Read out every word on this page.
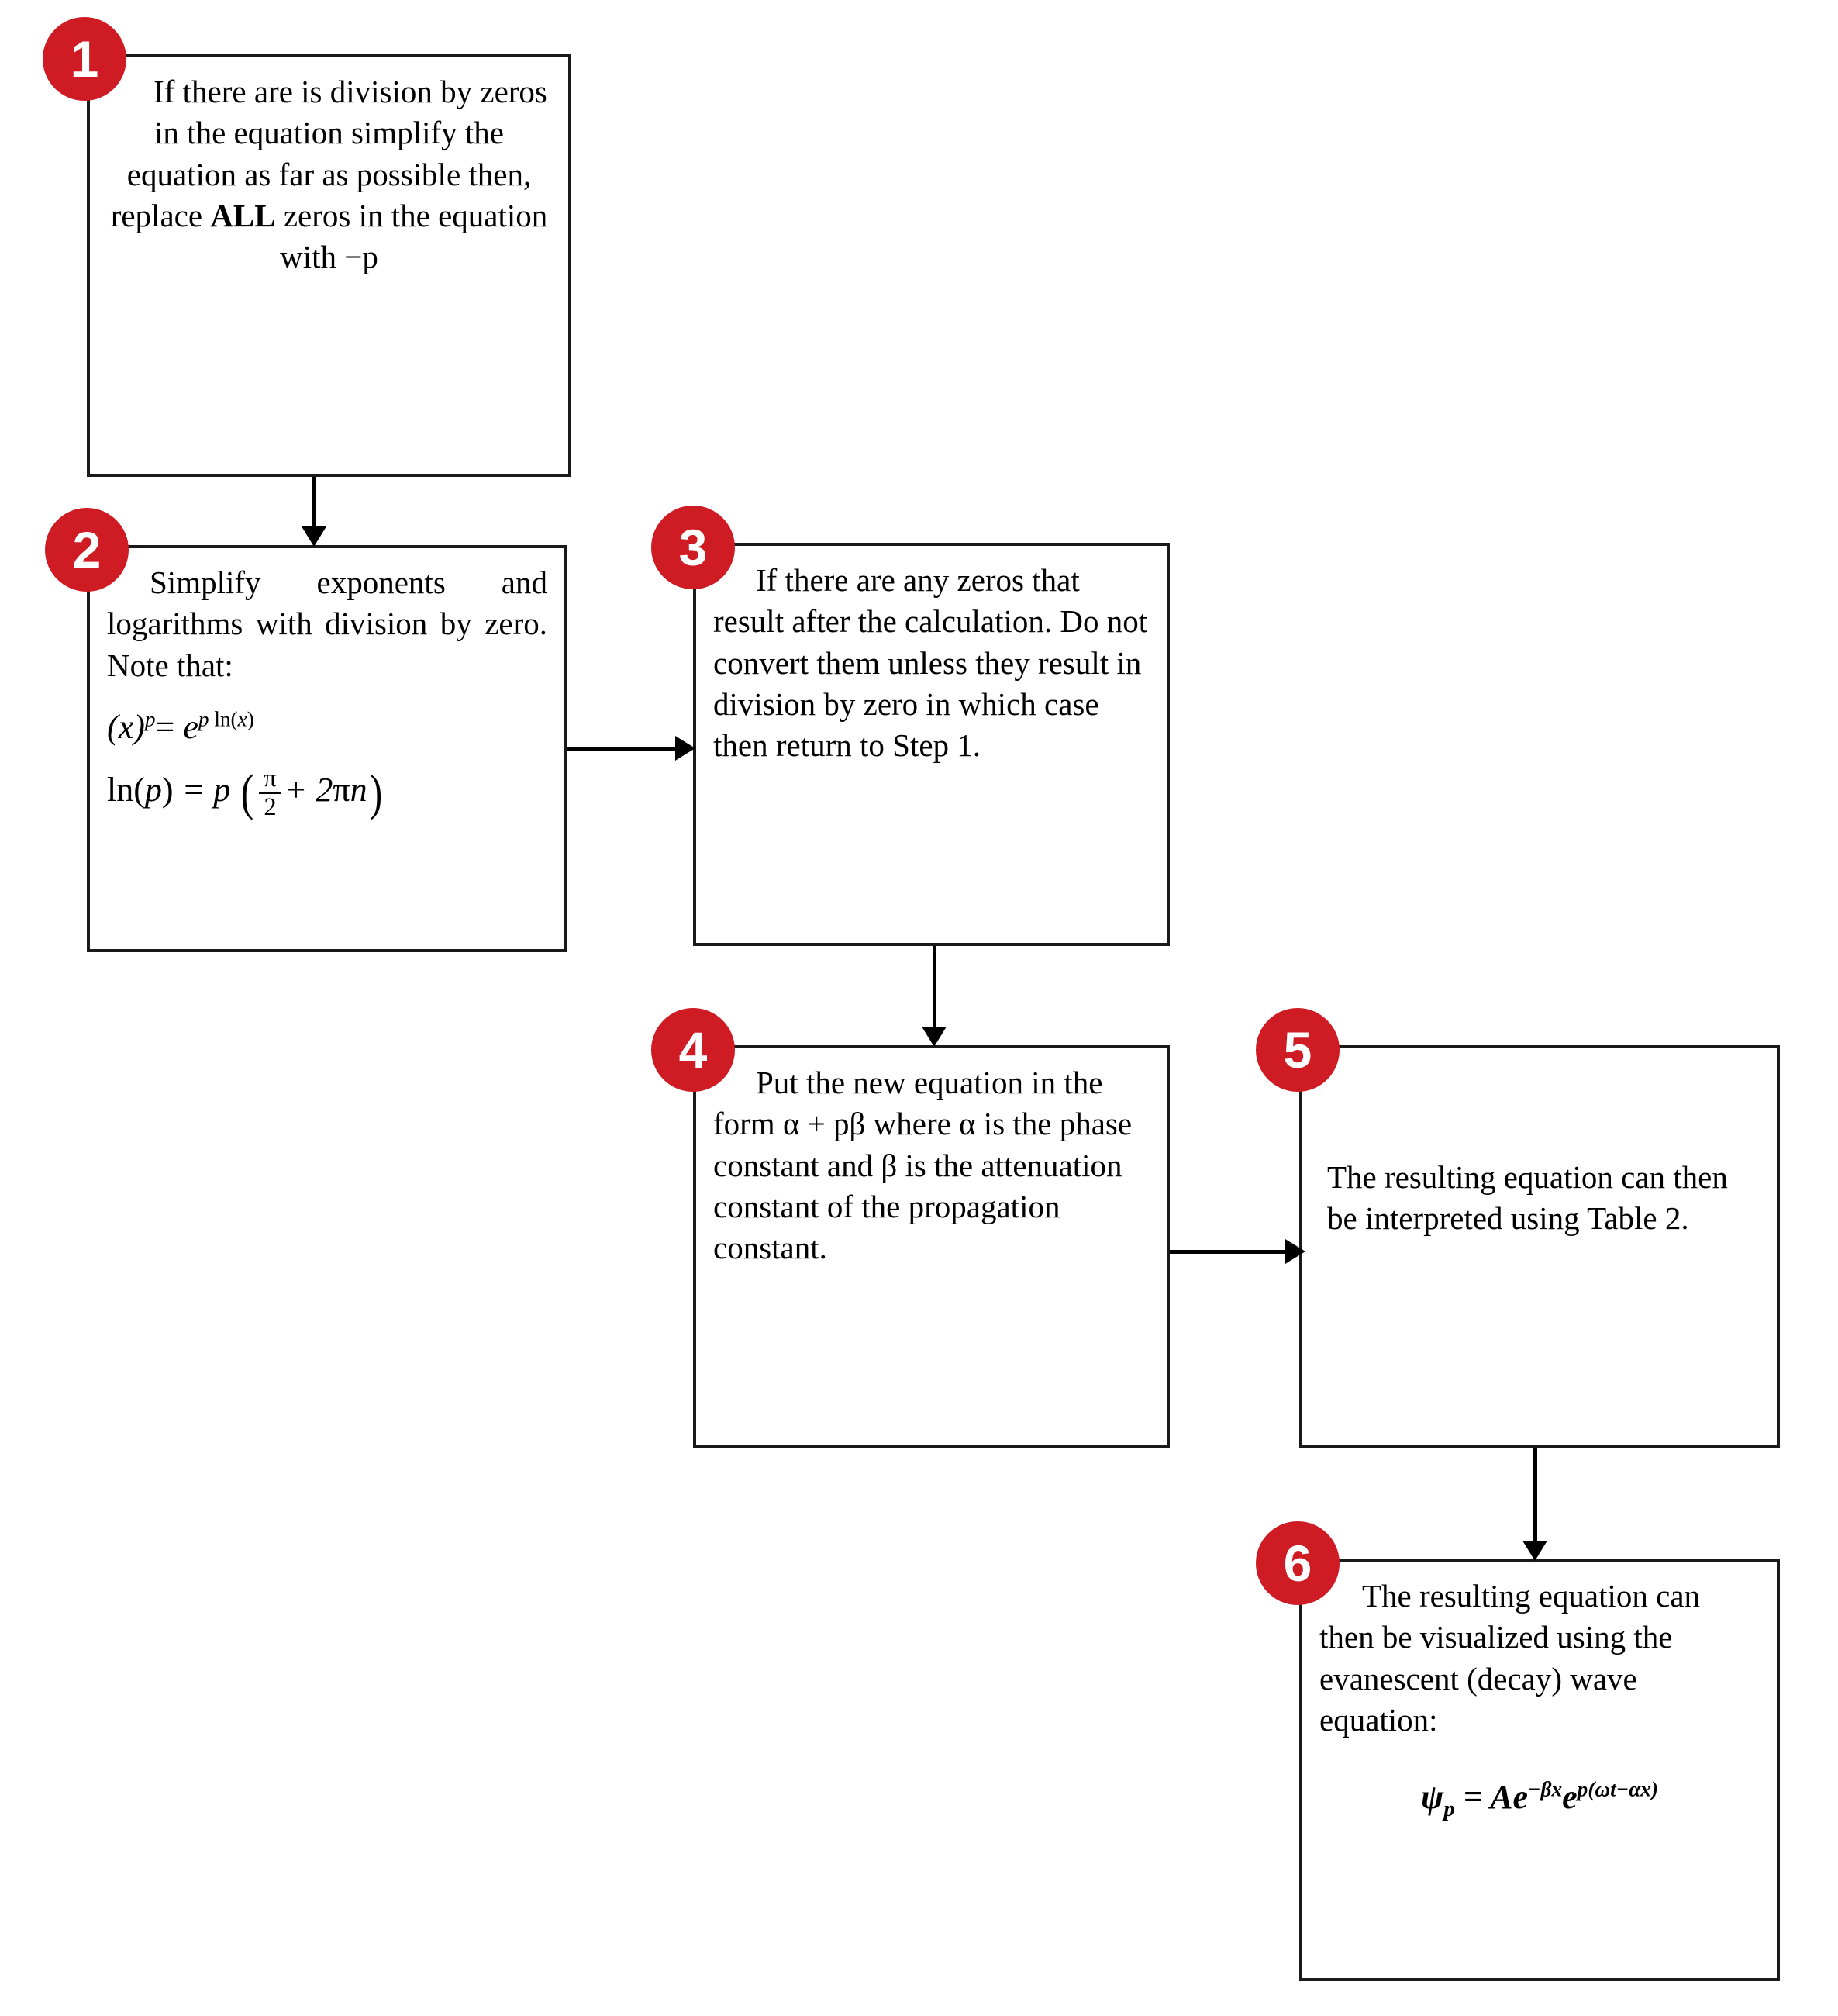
If there are is division by zeros in the equation simplify the equation as far as possible then, replace ALL zeros in the equation with −p
1
Simplify exponents and logarithms with division by zero. Note that:
$(x)^p= e^{p ln(x)}$
ln(p) = p ( $\frac{\pi}{2} + 2\pi n$)
2
If there are any zeros that result after the calculation. Do not convert them unless they result in division by zero in which case then return to Step 1.
3
Put the new equation in the form α + pβ where α is the phase constant and β is the attenuation constant of the propagation constant.
4
The resulting equation can then be interpreted using Table 2.
5
The resulting equation can then be visualized using the evanescent (decay) wave equation:
$\psi_p = Ae^{-\beta x}e^{p(\omega t-\alpha x)}$
6
